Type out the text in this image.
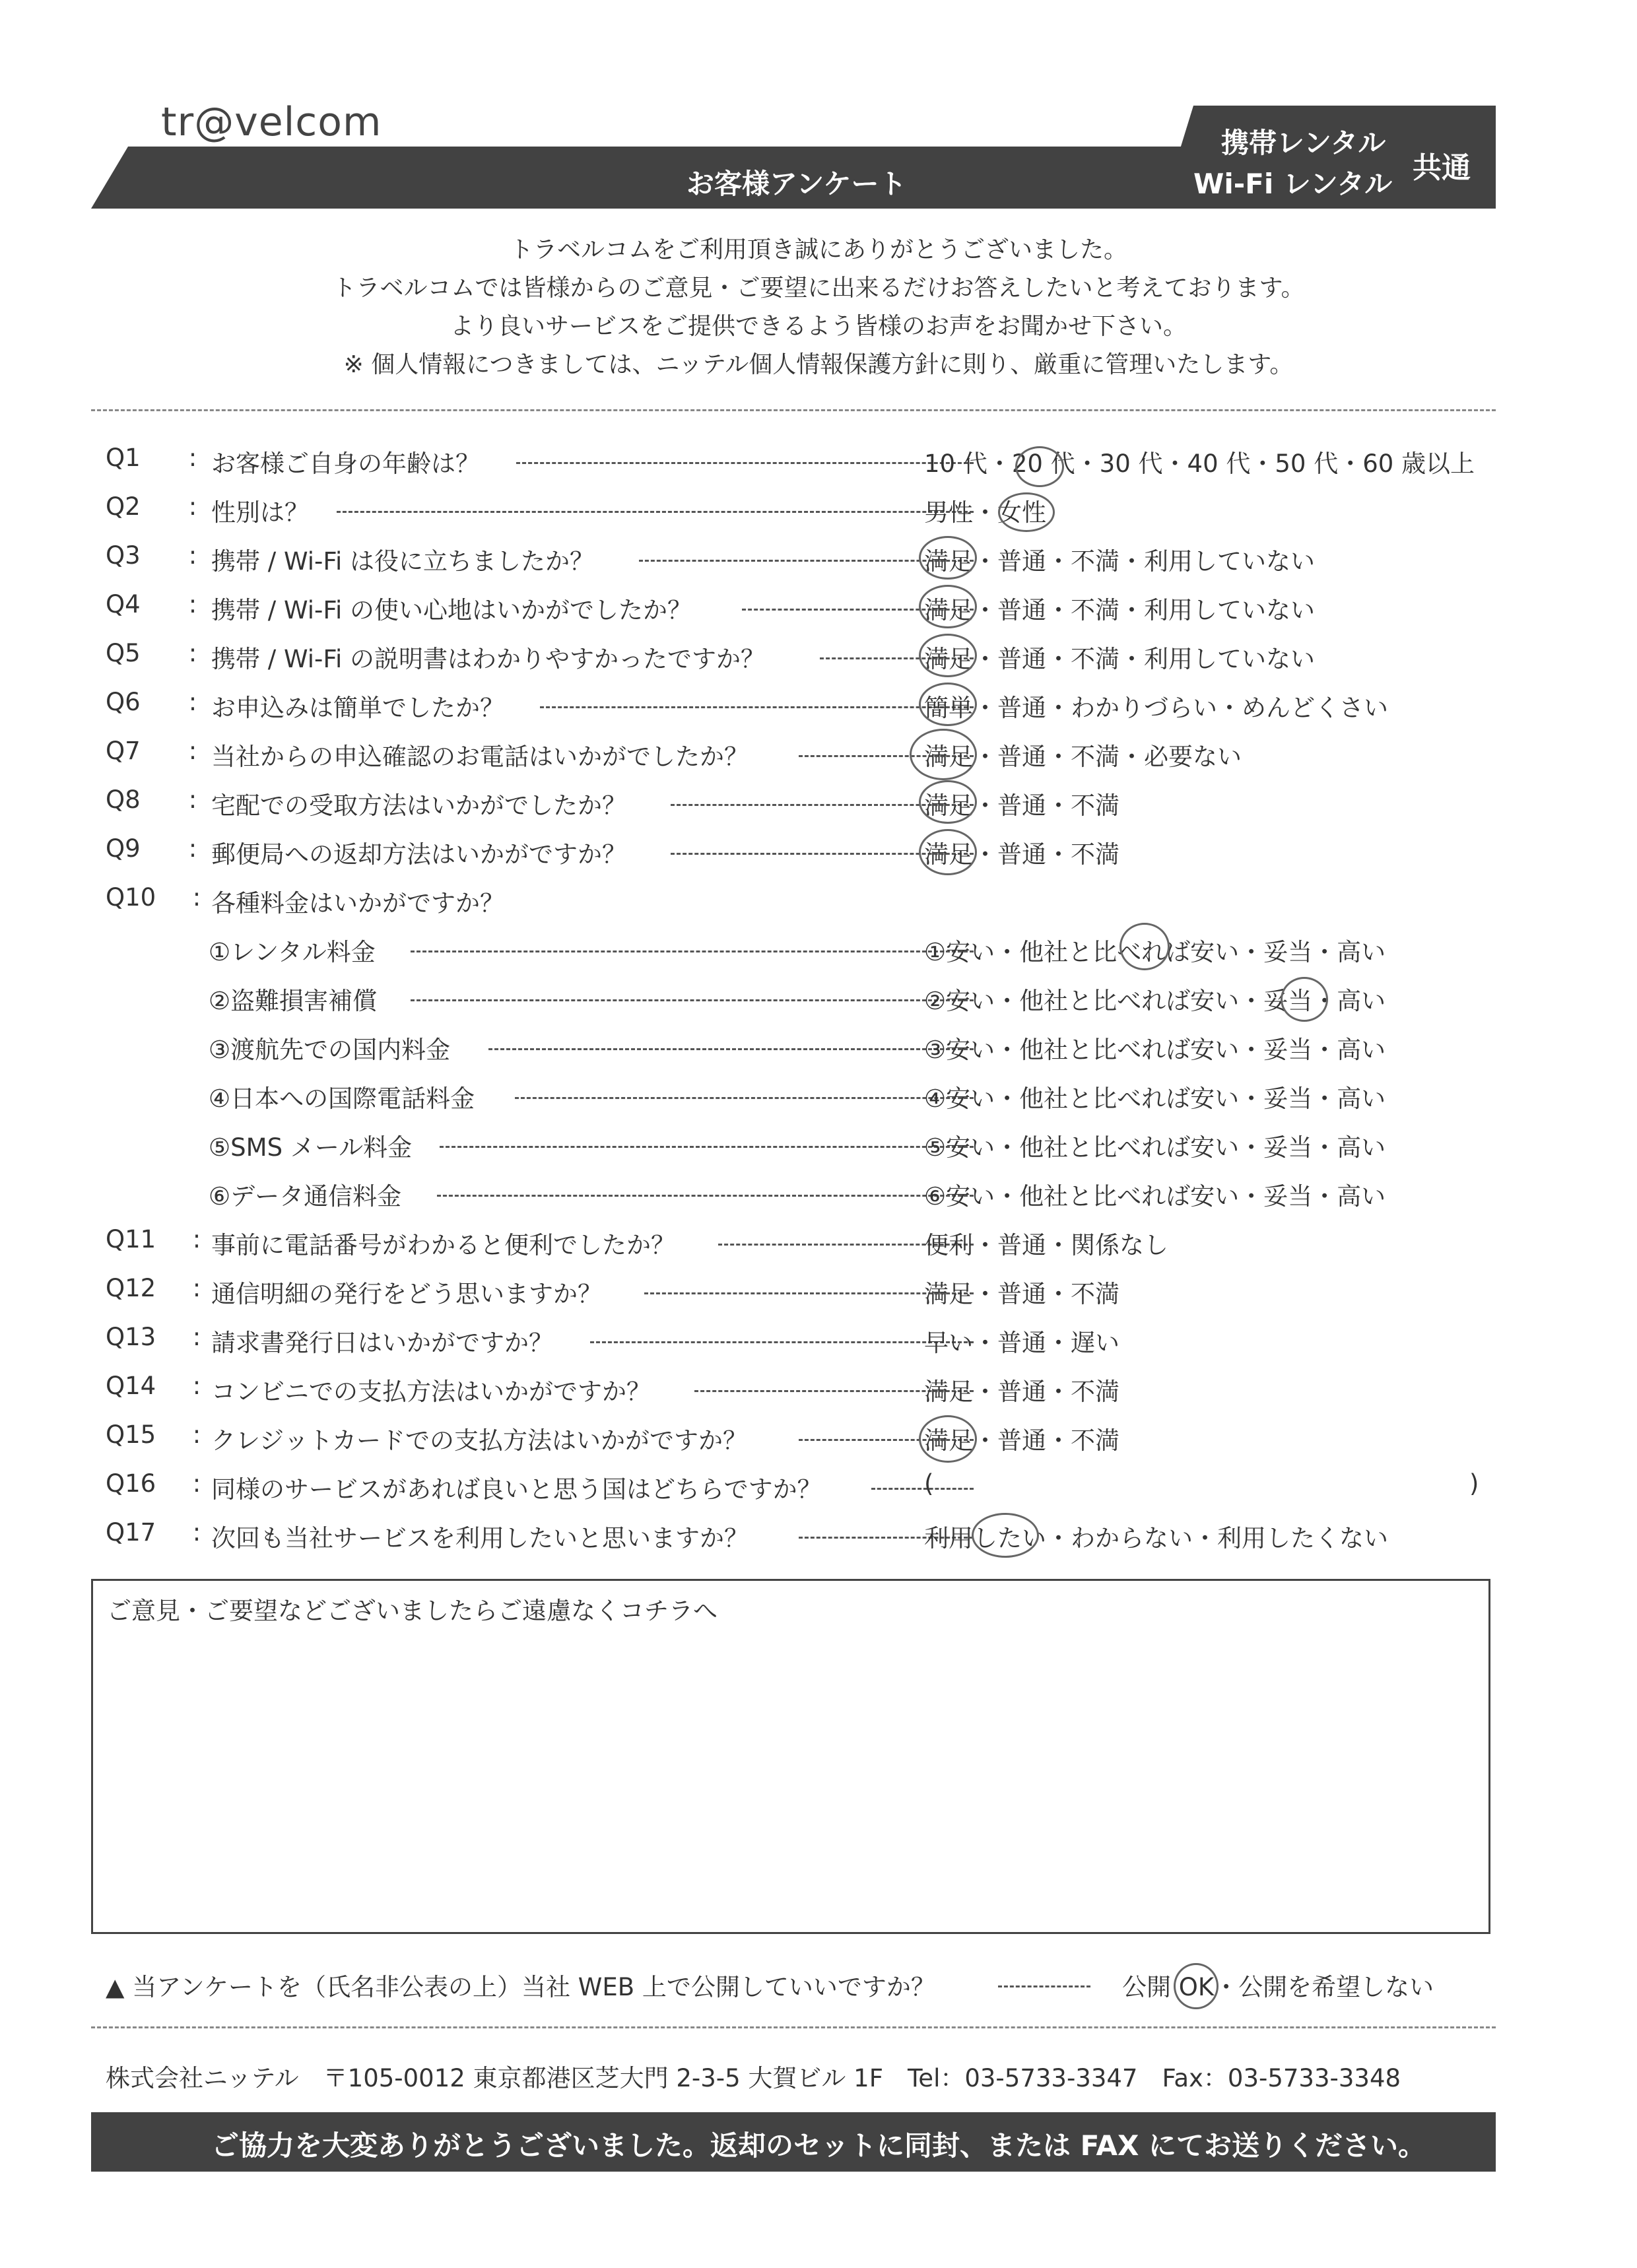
tr@velcom
お客様アンケート
携帯レンタル
Wi-Fi レンタル 共通
トラベルコムをご利用頂き誠にありがとうございました。
トラベルコムでは皆様からのご意見・ご要望に出来るだけお答えしたいと考えております。
より良いサービスをご提供できるよう皆様のお声をお聞かせ下さい。
※ 個人情報につきましては、ニッテル個人情報保護方針に則り、厳重に管理いたします。
Q1	: お客様ご自身の年齢は？	10 代・20 代・30 代・40 代・50 代・60 歳以上
Q2	: 性別は？	男性・女性
Q3	: 携帯 / Wi-Fi は役に立ちましたか？	満足・普通・不満・利用していない
Q4	: 携帯 / Wi-Fi の使い心地はいかがでしたか？	満足・普通・不満・利用していない
Q5	: 携帯 / Wi-Fi の説明書はわかりやすかったですか？	満足・普通・不満・利用していない
Q6	: お申込みは簡単でしたか？	簡単・普通・わかりづらい・めんどくさい
Q7	: 当社からの申込確認のお電話はいかがでしたか？	満足・普通・不満・必要ない
Q8	: 宅配での受取方法はいかがでしたか？	満足・普通・不満
Q9	: 郵便局への返却方法はいかがですか？	満足・普通・不満
Q10	: 各種料金はいかがですか？
①レンタル料金	①安い・他社と比べれば安い・妥当・高い
②盗難損害補償	②安い・他社と比べれば安い・妥当・高い
③渡航先での国内料金	③安い・他社と比べれば安い・妥当・高い
④日本への国際電話料金	④安い・他社と比べれば安い・妥当・高い
⑤SMS メール料金	⑤安い・他社と比べれば安い・妥当・高い
⑥データ通信料金	⑥安い・他社と比べれば安い・妥当・高い
Q11	: 事前に電話番号がわかると便利でしたか？	便利・普通・関係なし
Q12	: 通信明細の発行をどう思いますか？	満足・普通・不満
Q13	: 請求書発行日はいかがですか？	早い・普通・遅い
Q14	: コンビニでの支払方法はいかがですか？	満足・普通・不満
Q15	: クレジットカードでの支払方法はいかがですか？	満足・普通・不満
Q16	: 同様のサービスがあれば良いと思う国はどちらですか？	(	)
Q17	: 次回も当社サービスを利用したいと思いますか？	利用したい・わからない・利用したくない
ご意見・ご要望などございましたらご遠慮なくコチラへ
▲ 当アンケートを（氏名非公表の上）当社 WEB 上で公開していいですか？	公開 OK・公開を希望しない
株式会社ニッテル　〒105-0012 東京都港区芝大門 2-3-5 大賀ビル 1F　Tel：03-5733-3347　Fax：03-5733-3348
ご協力を大変ありがとうございました。返却のセットに同封、または FAX にてお送りください。
